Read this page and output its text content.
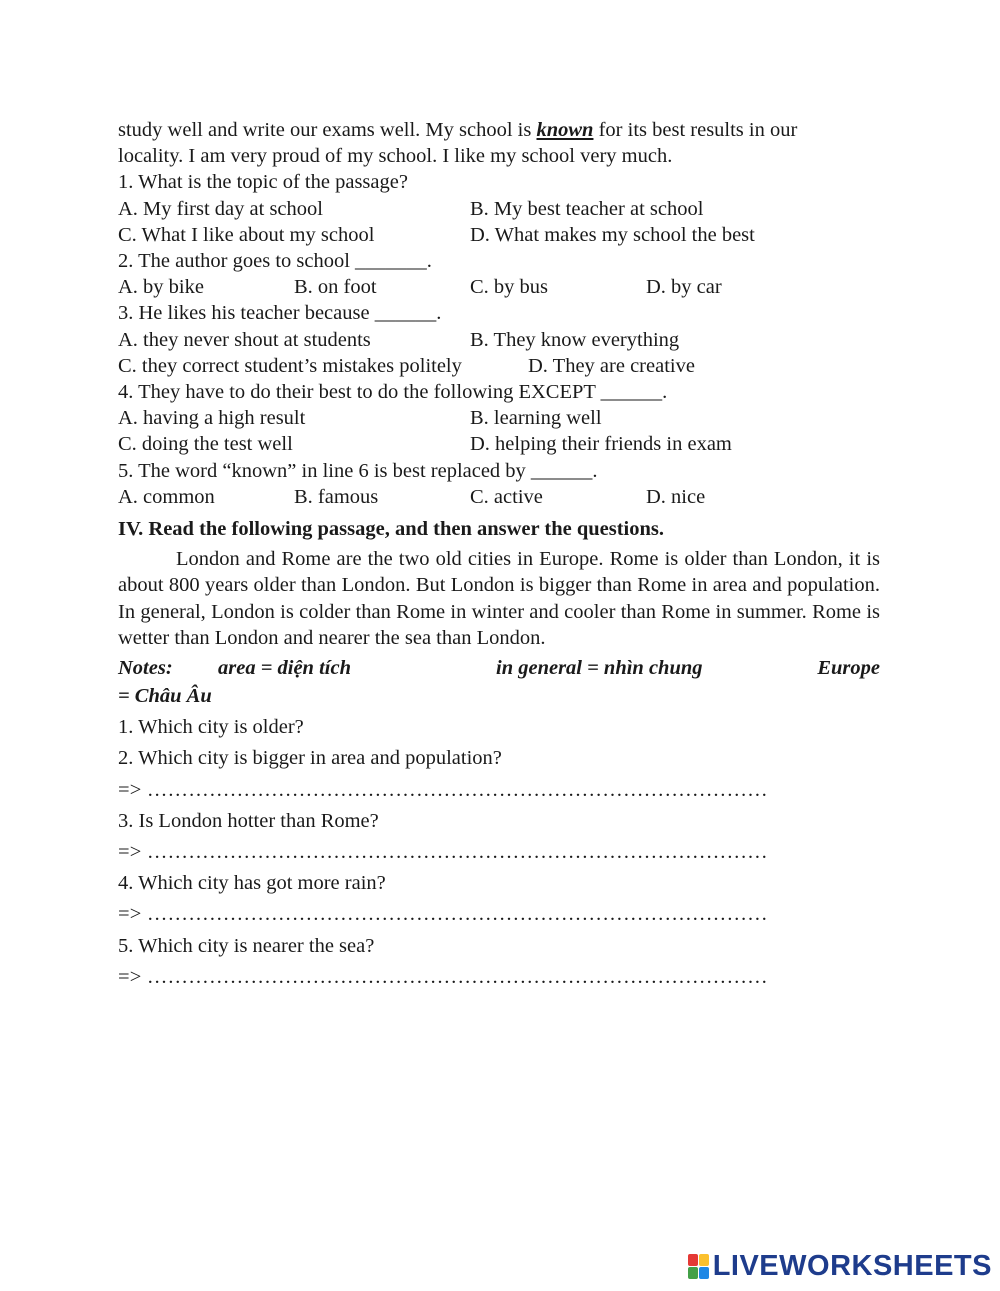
study well and write our exams well. My school is known for its best results in our
locality. I am very proud of my school. I like my school very much.
1. What is the topic of the passage?
A. My first day at school	B. My best teacher at school
C. What I like about my school	D. What makes my school the best
2. The author goes to school _______.
A. by bike	B. on foot	C. by bus	D. by car
3. He likes his teacher because ______.
A. they never shout at students	B. They know everything
C. they correct student’s mistakes politely	D. They are creative
4. They have to do their best to do the following EXCEPT ______.
A. having a high result	B. learning well
C. doing the test well	D. helping their friends in exam
5. The word “known” in line 6 is best replaced by ______.
A. common	B. famous	C. active	D. nice
IV. Read the following passage, and then answer the questions.
London and Rome are the two old cities in Europe. Rome is older than London, it is about 800 years older than London. But London is bigger than Rome in area and population. In general, London is colder than Rome in winter and cooler than Rome in summer. Rome is wetter than London and nearer the sea than London.
Notes: area = diện tích	in general = nhìn chung	Europe
= Châu Âu
1. Which city is older?
2. Which city is bigger in area and population?
=> ………………………………………………………………………………
3. Is London hotter than Rome?
=> ………………………………………………………………………………
4. Which city has got more rain?
=> ………………………………………………………………………………
5. Which city is nearer the sea?
=> ………………………………………………………………………………
LIVEWORKSHEETS
